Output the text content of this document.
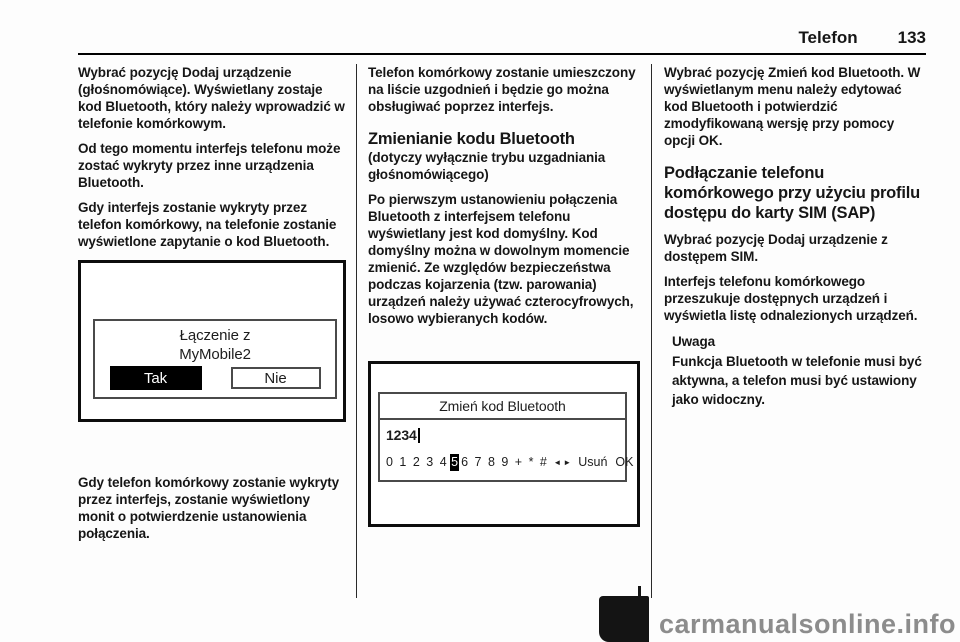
Telefon 133

Wybrać pozycję Dodaj urządzenie (głośnomówiące). Wyświetlany zostaje kod Bluetooth, który należy wprowadzić w telefonie komórkowym.

Od tego momentu interfejs telefonu może zostać wykryty przez inne urządzenia Bluetooth.

Gdy interfejs zostanie wykryty przez telefon komórkowy, na telefonie zostanie wyświetlone zapytanie o kod Bluetooth.

Łączenie z
MyMobile2
Tak	Nie

Gdy telefon komórkowy zostanie wykryty przez interfejs, zostanie wyświetlony monit o potwierdzenie ustanowienia połączenia.

Telefon komórkowy zostanie umieszczony na liście uzgodnień i będzie go można obsługiwać poprzez interfejs.

Zmienianie kodu Bluetooth

(dotyczy wyłącznie trybu uzgadniania głośnomówiącego)

Po pierwszym ustanowieniu połączenia Bluetooth z interfejsem telefonu wyświetlany jest kod domyślny. Kod domyślny można w dowolnym momencie zmienić. Ze względów bezpieczeństwa podczas kojarzenia (tzw. parowania) urządzeń należy używać czterocyfrowych, losowo wybieranych kodów.

Zmień kod Bluetooth
1234
0 1 2 3 4 5 6 7 8 9 + * # ◄ ► Usuń OK

Wybrać pozycję Zmień kod Bluetooth. W wyświetlanym menu należy edytować kod Bluetooth i potwierdzić zmodyfikowaną wersję przy pomocy opcji OK.

Podłączanie telefonu komórkowego przy użyciu profilu dostępu do karty SIM (SAP)

Wybrać pozycję Dodaj urządzenie z dostępem SIM.

Interfejs telefonu komórkowego przeszukuje dostępnych urządzeń i wyświetla listę odnalezionych urządzeń.

Uwaga
Funkcja Bluetooth w telefonie musi być aktywna, a telefon musi być ustawiony jako widoczny.
carmanualsonline.info
